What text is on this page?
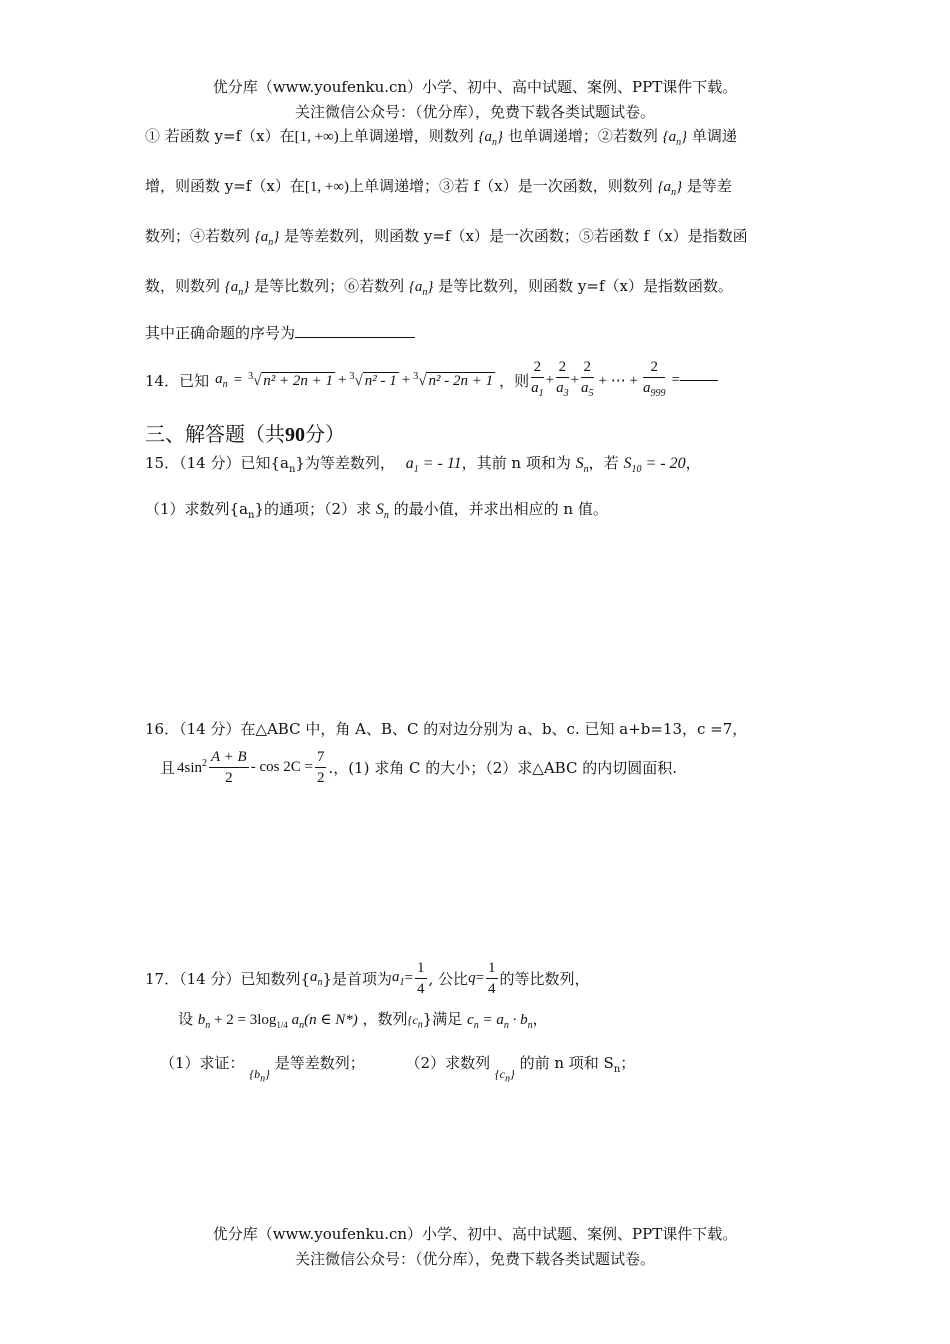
优分库（www.youfenku.cn）小学、初中、高中试题、案例、PPT课件下载。
关注微信公众号：（优分库），免费下载各类试题试卷。
① 若函数 y=f（x）在[1, +∞)上单调递增，则数列 $\{a_n\}$ 也单调递增；②若数列 $\{a_n\}$ 单调递
增，则函数 y=f（x）在[1, +∞)上单调递增；③若 f（x）是一次函数，则数列 $\{a_n\}$ 是等差
数列；④若数列 $\{a_n\}$ 是等差数列，则函数 y=f（x）是一次函数；⑤若函数 f（x）是指数函
数，则数列 $\{a_n\}$ 是等比数列；⑥若数列 $\{a_n\}$ 是等比数列，则函数 y=f（x）是指数函数。
其中正确命题的序号为
14．已知 $a_n = ^3√$ n² + 2n + 1 + $^3$√ n² - 1 + $^3$√ n² - 2n + 1 ，则 $\frac{2}{a_1} + \frac{2}{a_3} + \frac{2}{a_5}$ + ⋯ + $\frac{2}{a_{999}}$ =
三、解答题（共90分）
15．（14 分）已知$\{a_n\}$为等差数列， $a_1$ = - 11，其前 n 项和为 $S_n$，若 $S_{10}$ = - 20，
（1）求数列$\{a_n\}$的通项；（2）求 $S_n$ 的最小值，并求出相应的 n 值。
16．（14 分）在△ABC 中，角 A、B、C 的对边分别为 a、b、c. 已知 a+b=13，c =7，
且 $4\sin^2 \frac{A + B}{2} - \cos 2C = \frac{7}{2}$ .，(1) 求角 C 的大小；（2）求△ABC 的内切圆面积.
17．（14 分）已知数列{ $a_n$ }是首项为 $a_1 = \frac{1}{4}$ , 公比 $q = \frac{1}{4}$ 的等比数列，
设 $b_n + 2 = 3\log_{1/4}$ $a_n(n$ ∈ N*) ，数列$\{c_n\}$满足 $c_n = a_n \cdot b_n$，
（1）求证： $_{\{b_n\}}$ 是等差数列；	（2）求数列 $_{\{c_n\}}$ 的前 n 项和 $S_n$；
优分库（www.youfenku.cn）小学、初中、高中试题、案例、PPT课件下载。
关注微信公众号：（优分库），免费下载各类试题试卷。
